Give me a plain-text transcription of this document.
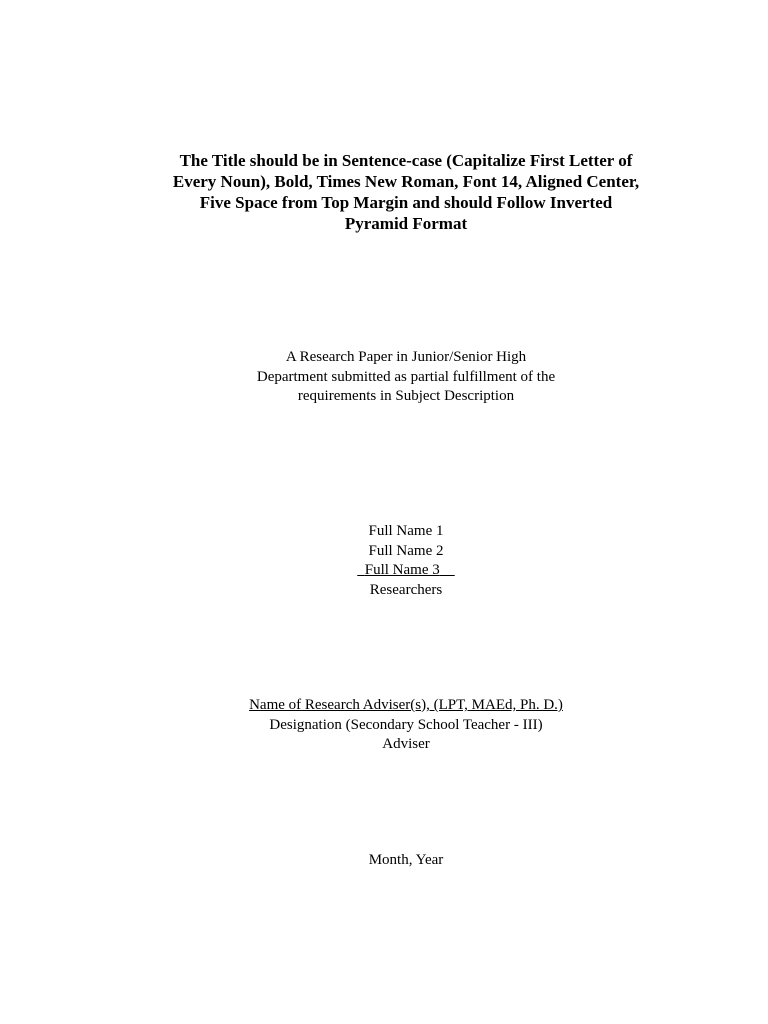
The Title should be in Sentence-case (Capitalize First Letter of
Every Noun), Bold, Times New Roman, Font 14, Aligned Center,
Five Space from Top Margin and should Follow Inverted
Pyramid Format
A Research Paper in Junior/Senior High
Department submitted as partial fulfillment of the
requirements in Subject Description
Full Name 1
Full Name 2
Full Name 3
Researchers
Name of Research Adviser(s), (LPT, MAEd, Ph. D.)
Designation (Secondary School Teacher - III)
Adviser
Month, Year
